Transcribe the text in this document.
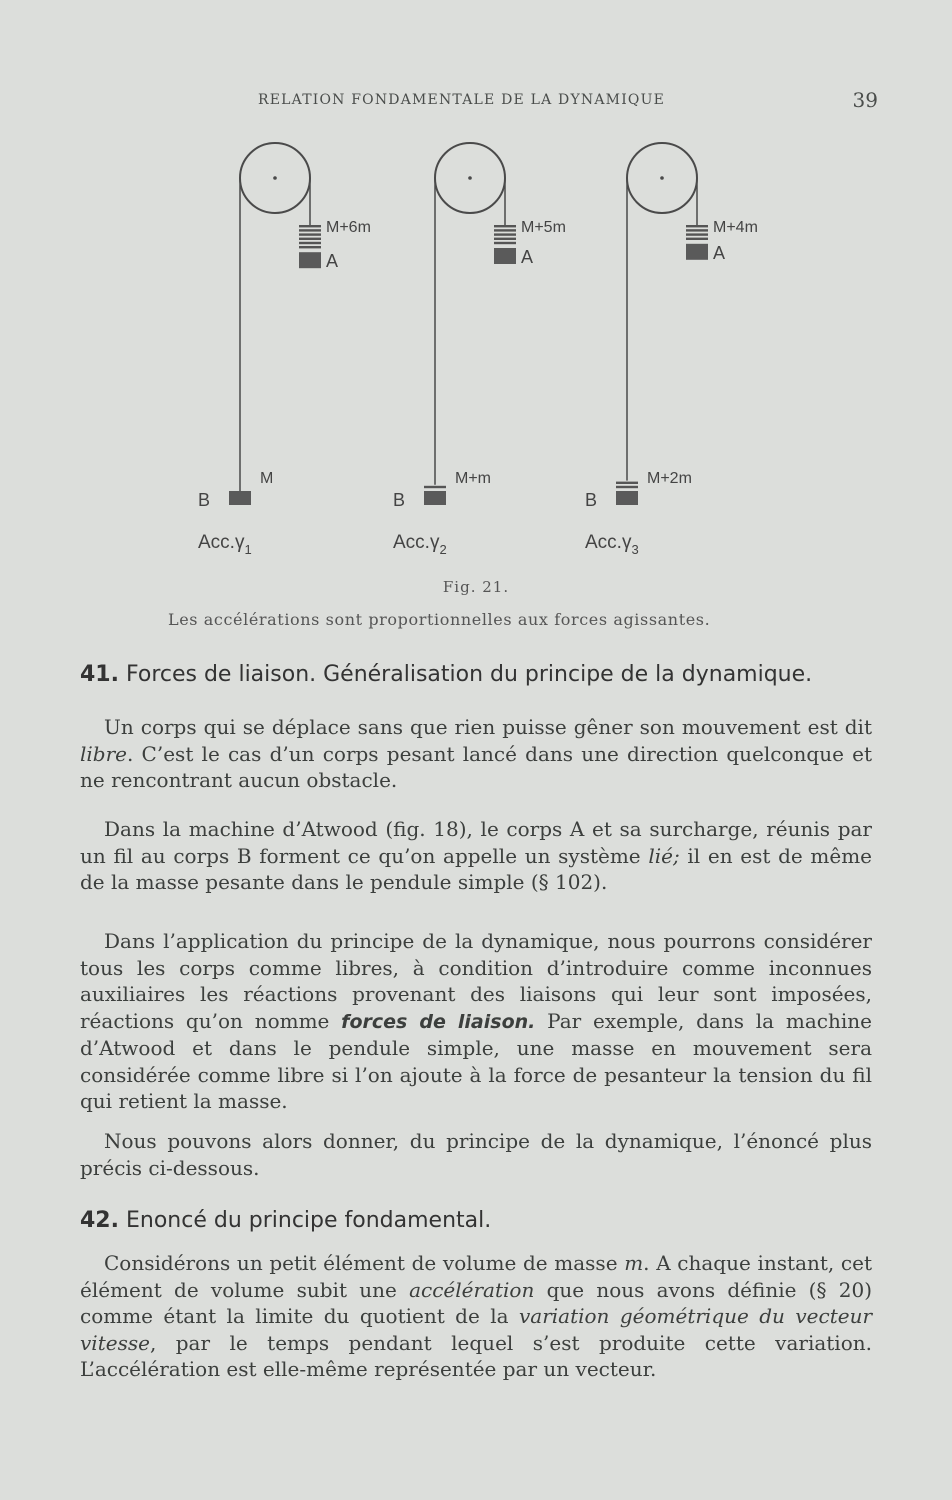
RELATION FONDAMENTALE DE LA DYNAMIQUE	39
A
M+6m
B
M
$Acc.\gamma_1$
A
M+5m
B
M+m
$Acc.\gamma_2$
A
M+4m
B
M+2m
$Acc.\gamma_3$
Fig. 21.
Les accélérations sont proportionnelles aux forces agissantes.
41. Forces de liaison. Généralisation du principe de la dynamique.

Un corps qui se déplace sans que rien puisse gêner son mouvement est dit libre. C’est le cas d’un corps pesant lancé dans une direction quelconque et ne rencontrant aucun obstacle.

Dans la machine d’Atwood (fig. 18), le corps A et sa surcharge, réunis par un fil au corps B forment ce qu’on appelle un système lié; il en est de même de la masse pesante dans le pendule simple (§ 102).

Dans l’application du principe de la dynamique, nous pourrons considérer tous les corps comme libres, à condition d’introduire comme inconnues auxiliaires les réactions provenant des liaisons qui leur sont imposées, réactions qu’on nomme forces de liaison. Par exemple, dans la machine d’Atwood et dans le pendule simple, une masse en mouvement sera considérée comme libre si l’on ajoute à la force de pesanteur la tension du fil qui retient la masse.

Nous pouvons alors donner, du principe de la dynamique, l’énoncé plus précis ci-dessous.

42. Enoncé du principe fondamental.

Considérons un petit élément de volume de masse m. A chaque instant, cet élément de volume subit une accélération que nous avons définie (§ 20) comme étant la limite du quotient de la variation géométrique du vecteur vitesse, par le temps pendant lequel s’est produite cette variation. L’accélération est elle-même représentée par un vecteur.
